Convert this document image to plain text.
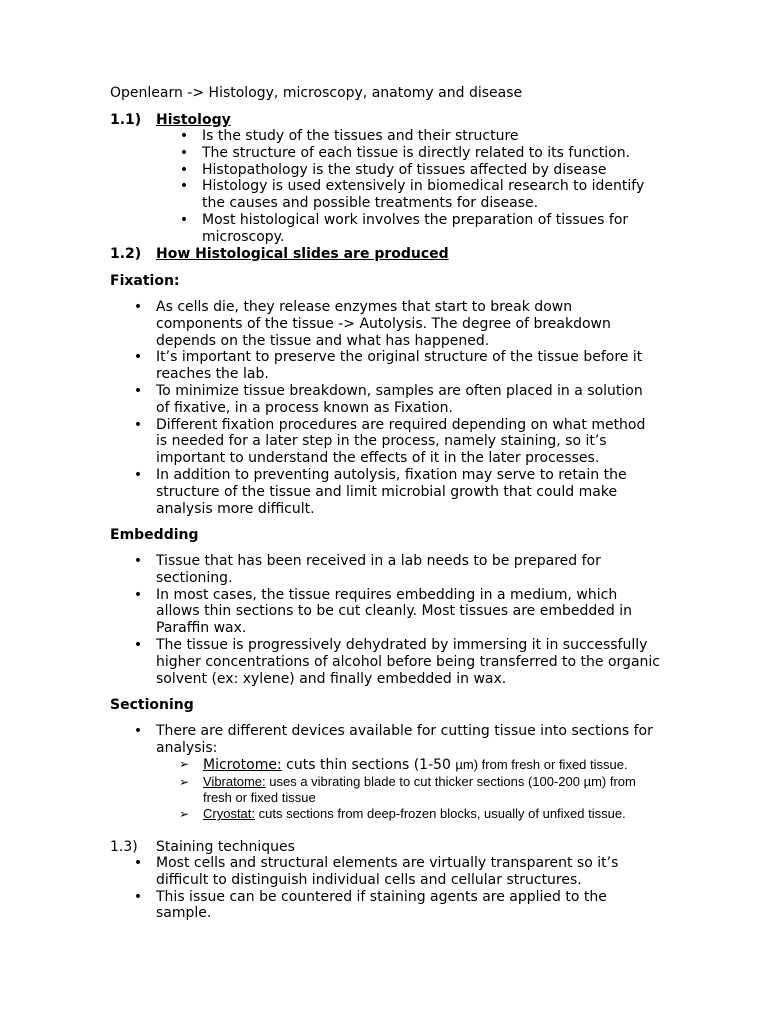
Openlearn -> Histology, microscopy, anatomy and disease
1.1) Histology
• Is the study of the tissues and their structure
• The structure of each tissue is directly related to its function.
• Histopathology is the study of tissues affected by disease
• Histology is used extensively in biomedical research to identify the causes and possible treatments for disease.
• Most histological work involves the preparation of tissues for microscopy.
1.2) How Histological slides are produced
Fixation:
• As cells die, they release enzymes that start to break down components of the tissue -> Autolysis. The degree of breakdown depends on the tissue and what has happened.
• It’s important to preserve the original structure of the tissue before it reaches the lab.
• To minimize tissue breakdown, samples are often placed in a solution of fixative, in a process known as Fixation.
• Different fixation procedures are required depending on what method is needed for a later step in the process, namely staining, so it’s important to understand the effects of it in the later processes.
• In addition to preventing autolysis, fixation may serve to retain the structure of the tissue and limit microbial growth that could make analysis more difficult.
Embedding
• Tissue that has been received in a lab needs to be prepared for sectioning.
• In most cases, the tissue requires embedding in a medium, which allows thin sections to be cut cleanly. Most tissues are embedded in Paraffin wax.
• The tissue is progressively dehydrated by immersing it in successfully higher concentrations of alcohol before being transferred to the organic solvent (ex: xylene) and finally embedded in wax.
Sectioning
• There are different devices available for cutting tissue into sections for analysis:
➢ Microtome: cuts thin sections (1-50 µm) from fresh or fixed tissue.
➢ Vibratome: uses a vibrating blade to cut thicker sections (100-200 µm) from fresh or fixed tissue
➢ Cryostat: cuts sections from deep-frozen blocks, usually of unfixed tissue.
1.3) Staining techniques
• Most cells and structural elements are virtually transparent so it’s difficult to distinguish individual cells and cellular structures.
• This issue can be countered if staining agents are applied to the sample.
